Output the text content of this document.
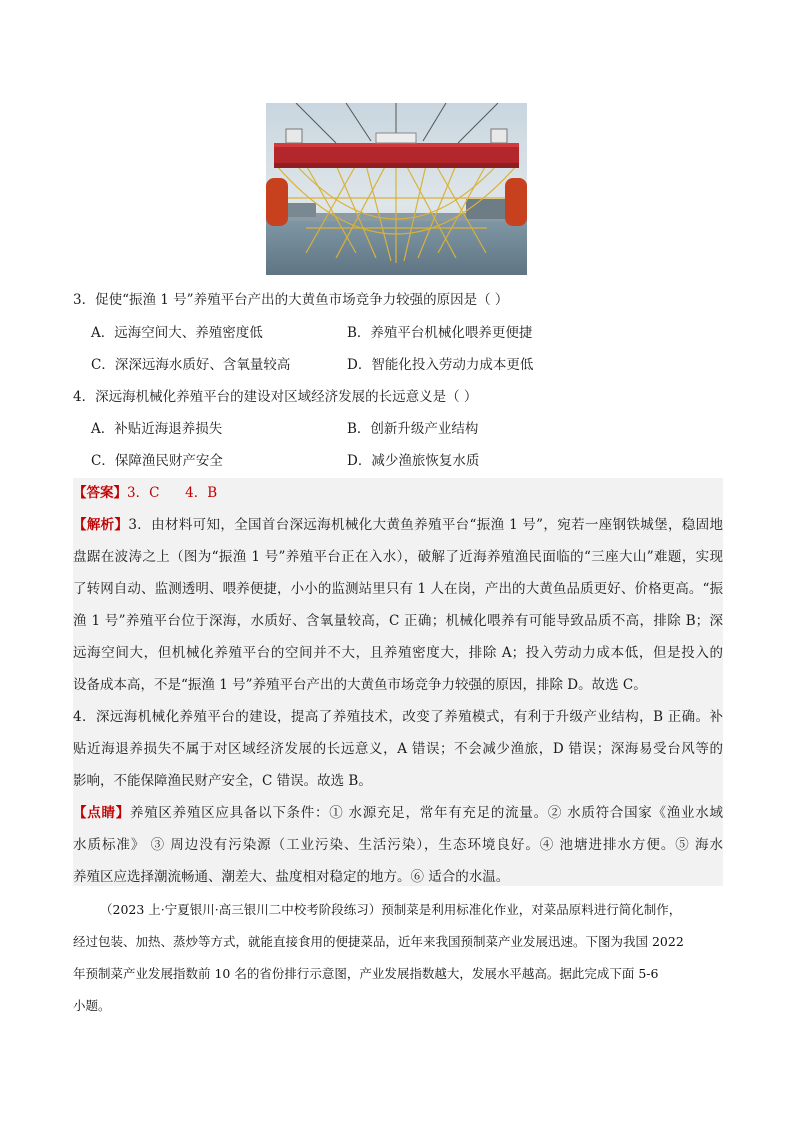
3．促使“振渔 1 号”养殖平台产出的大黄鱼市场竞争力较强的原因是（ ）
A．远海空间大、养殖密度低	B．养殖平台机械化喂养更便捷
C．深深远海水质好、含氧量较高	D．智能化投入劳动力成本更低
4．深远海机械化养殖平台的建设对区域经济发展的长远意义是（ ）
A．补贴近海退养损失	B．创新升级产业结构
C．保障渔民财产安全	D．减少渔旅恢复水质
【答案】3．C      4．B
【解析】3．由材料可知，全国首台深远海机械化大黄鱼养殖平台“振渔 1 号”，宛若一座钢铁城堡，稳固地
盘踞在波涛之上（图为“振渔 1 号”养殖平台正在入水），破解了近海养殖渔民面临的“三座大山”难题，实现
了转网自动、监测透明、喂养便捷，小小的监测站里只有 1 人在岗，产出的大黄鱼品质更好、价格更高。“振
渔 1 号”养殖平台位于深海，水质好、含氧量较高，C 正确；机械化喂养有可能导致品质不高，排除 B；深
远海空间大，但机械化养殖平台的空间并不大，且养殖密度大，排除 A；投入劳动力成本低，但是投入的
设备成本高，不是“振渔 1 号”养殖平台产出的大黄鱼市场竞争力较强的原因，排除 D。故选 C。
4．深远海机械化养殖平台的建设，提高了养殖技术，改变了养殖模式，有利于升级产业结构，B 正确。补
贴近海退养损失不属于对区域经济发展的长远意义，A 错误；不会减少渔旅，D 错误；深海易受台风等的
影响，不能保障渔民财产安全，C 错误。故选 B。
【点睛】养殖区养殖区应具备以下条件：① 水源充足，常年有充足的流量。② 水质符合国家《渔业水域
水质标准》 ③ 周边没有污染源（工业污染、生活污染），生态环境良好。④ 池塘进排水方便。⑤ 海水
养殖区应选择潮流畅通、潮差大、盐度相对稳定的地方。⑥ 适合的水温。
（2023 上·宁夏银川·高三银川二中校考阶段练习）预制菜是利用标准化作业，对菜品原料进行简化制作，
经过包装、加热、蒸炒等方式，就能直接食用的便捷菜品，近年来我国预制菜产业发展迅速。下图为我国 2022
年预制菜产业发展指数前 10 名的省份排行示意图，产业发展指数越大，发展水平越高。据此完成下面 5-6
小题。
